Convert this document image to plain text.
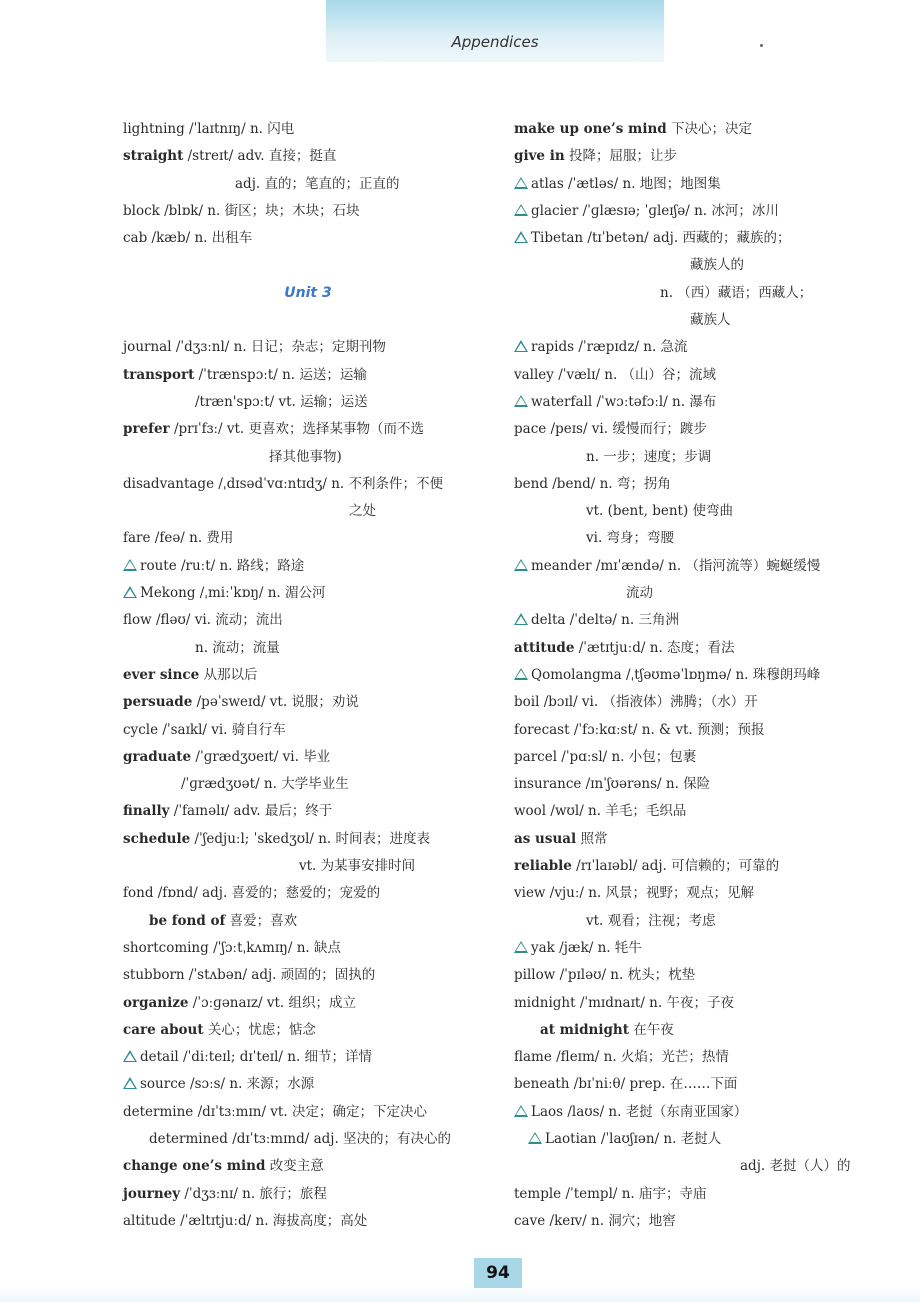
Appendices
lightning /ˈlaɪtnɪŋ/ n. 闪电
straight /streɪt/ adv. 直接；挺直
adj. 直的；笔直的；正直的
block /blɒk/ n. 街区；块；木块；石块
cab /kæb/ n. 出租车
Unit 3
journal /ˈdʒɜːnl/ n. 日记；杂志；定期刊物
transport /ˈtrænspɔːt/ n. 运送；运输
/træn'spɔːt/ vt. 运输；运送
prefer /prɪˈfɜː/ vt. 更喜欢；选择某事物（而不选
择其他事物)
disadvantage /ˌdɪsədˈvɑːntɪdʒ/ n. 不利条件；不便
之处
fare /feə/ n. 费用
route /ruːt/ n. 路线；路途
Mekong /ˌmiːˈkɒŋ/ n. 湄公河
flow /fləʊ/ vi. 流动；流出
n. 流动；流量
ever since 从那以后
persuade /pəˈsweɪd/ vt. 说服；劝说
cycle /ˈsaɪkl/ vi. 骑自行车
graduate /ˈɡrædʒʊeɪt/ vi. 毕业
/ˈɡrædʒʊət/ n. 大学毕业生
finally /ˈfaɪnəlɪ/ adv. 最后；终于
schedule /ˈʃedjuːl; ˈskedʒʊl/ n. 时间表；进度表
vt. 为某事安排时间
fond /fɒnd/ adj. 喜爱的；慈爱的；宠爱的
be fond of 喜爱；喜欢
shortcoming /ˈʃɔːtˌkʌmɪŋ/ n. 缺点
stubborn /ˈstʌbən/ adj. 顽固的；固执的
organize /ˈɔːɡənaɪz/ vt. 组织；成立
care about 关心；忧虑；惦念
detail /ˈdiːteɪl; dɪˈteɪl/ n. 细节；详情
source /sɔːs/ n. 来源；水源
determine /dɪˈtɜːmɪn/ vt. 决定；确定；下定决心
determined /dɪˈtɜːmɪnd/ adj. 坚决的；有决心的
change one’s mind 改变主意
journey /ˈdʒɜːnɪ/ n. 旅行；旅程
altitude /ˈæltɪtjuːd/ n. 海拔高度；高处
make up one’s mind 下决心；决定
give in 投降；屈服；让步
atlas /ˈætləs/ n. 地图；地图集
glacier /ˈɡlæsɪə; ˈɡleɪʃə/ n. 冰河；冰川
Tibetan /tɪˈbetən/ adj. 西藏的；藏族的；
藏族人的
n. （西）藏语；西藏人；
藏族人
rapids /ˈræpɪdz/ n. 急流
valley /ˈvælɪ/ n. （山）谷；流域
waterfall /ˈwɔːtəfɔːl/ n. 瀑布
pace /peɪs/ vi. 缓慢而行；踱步
n. 一步；速度；步调
bend /bend/ n. 弯；拐角
vt. (bent, bent) 使弯曲
vi. 弯身；弯腰
meander /mɪˈændə/ n. （指河流等）蜿蜒缓慢
流动
delta /ˈdeltə/ n. 三角洲
attitude /ˈætɪtjuːd/ n. 态度；看法
Qomolangma /ˌtʃəʊməˈlɒŋmə/ n. 珠穆朗玛峰
boil /bɔɪl/ vi. （指液体）沸腾；（水）开
forecast /ˈfɔːkɑːst/ n. & vt. 预测；预报
parcel /ˈpɑːsl/ n. 小包；包裹
insurance /ɪnˈʃʊərəns/ n. 保险
wool /wʊl/ n. 羊毛；毛织品
as usual 照常
reliable /rɪˈlaɪəbl/ adj. 可信赖的；可靠的
view /vjuː/ n. 风景；视野；观点；见解
vt. 观看；注视；考虑
yak /jæk/ n. 牦牛
pillow /ˈpɪləʊ/ n. 枕头；枕垫
midnight /ˈmɪdnaɪt/ n. 午夜；子夜
at midnight 在午夜
flame /fleɪm/ n. 火焰；光芒；热情
beneath /bɪˈniːθ/ prep. 在……下面
Laos /laʊs/ n. 老挝（东南亚国家）
Laotian /ˈlaʊʃɪən/ n. 老挝人
adj. 老挝（人）的
temple /ˈtempl/ n. 庙宇；寺庙
cave /keɪv/ n. 洞穴；地窖
94
